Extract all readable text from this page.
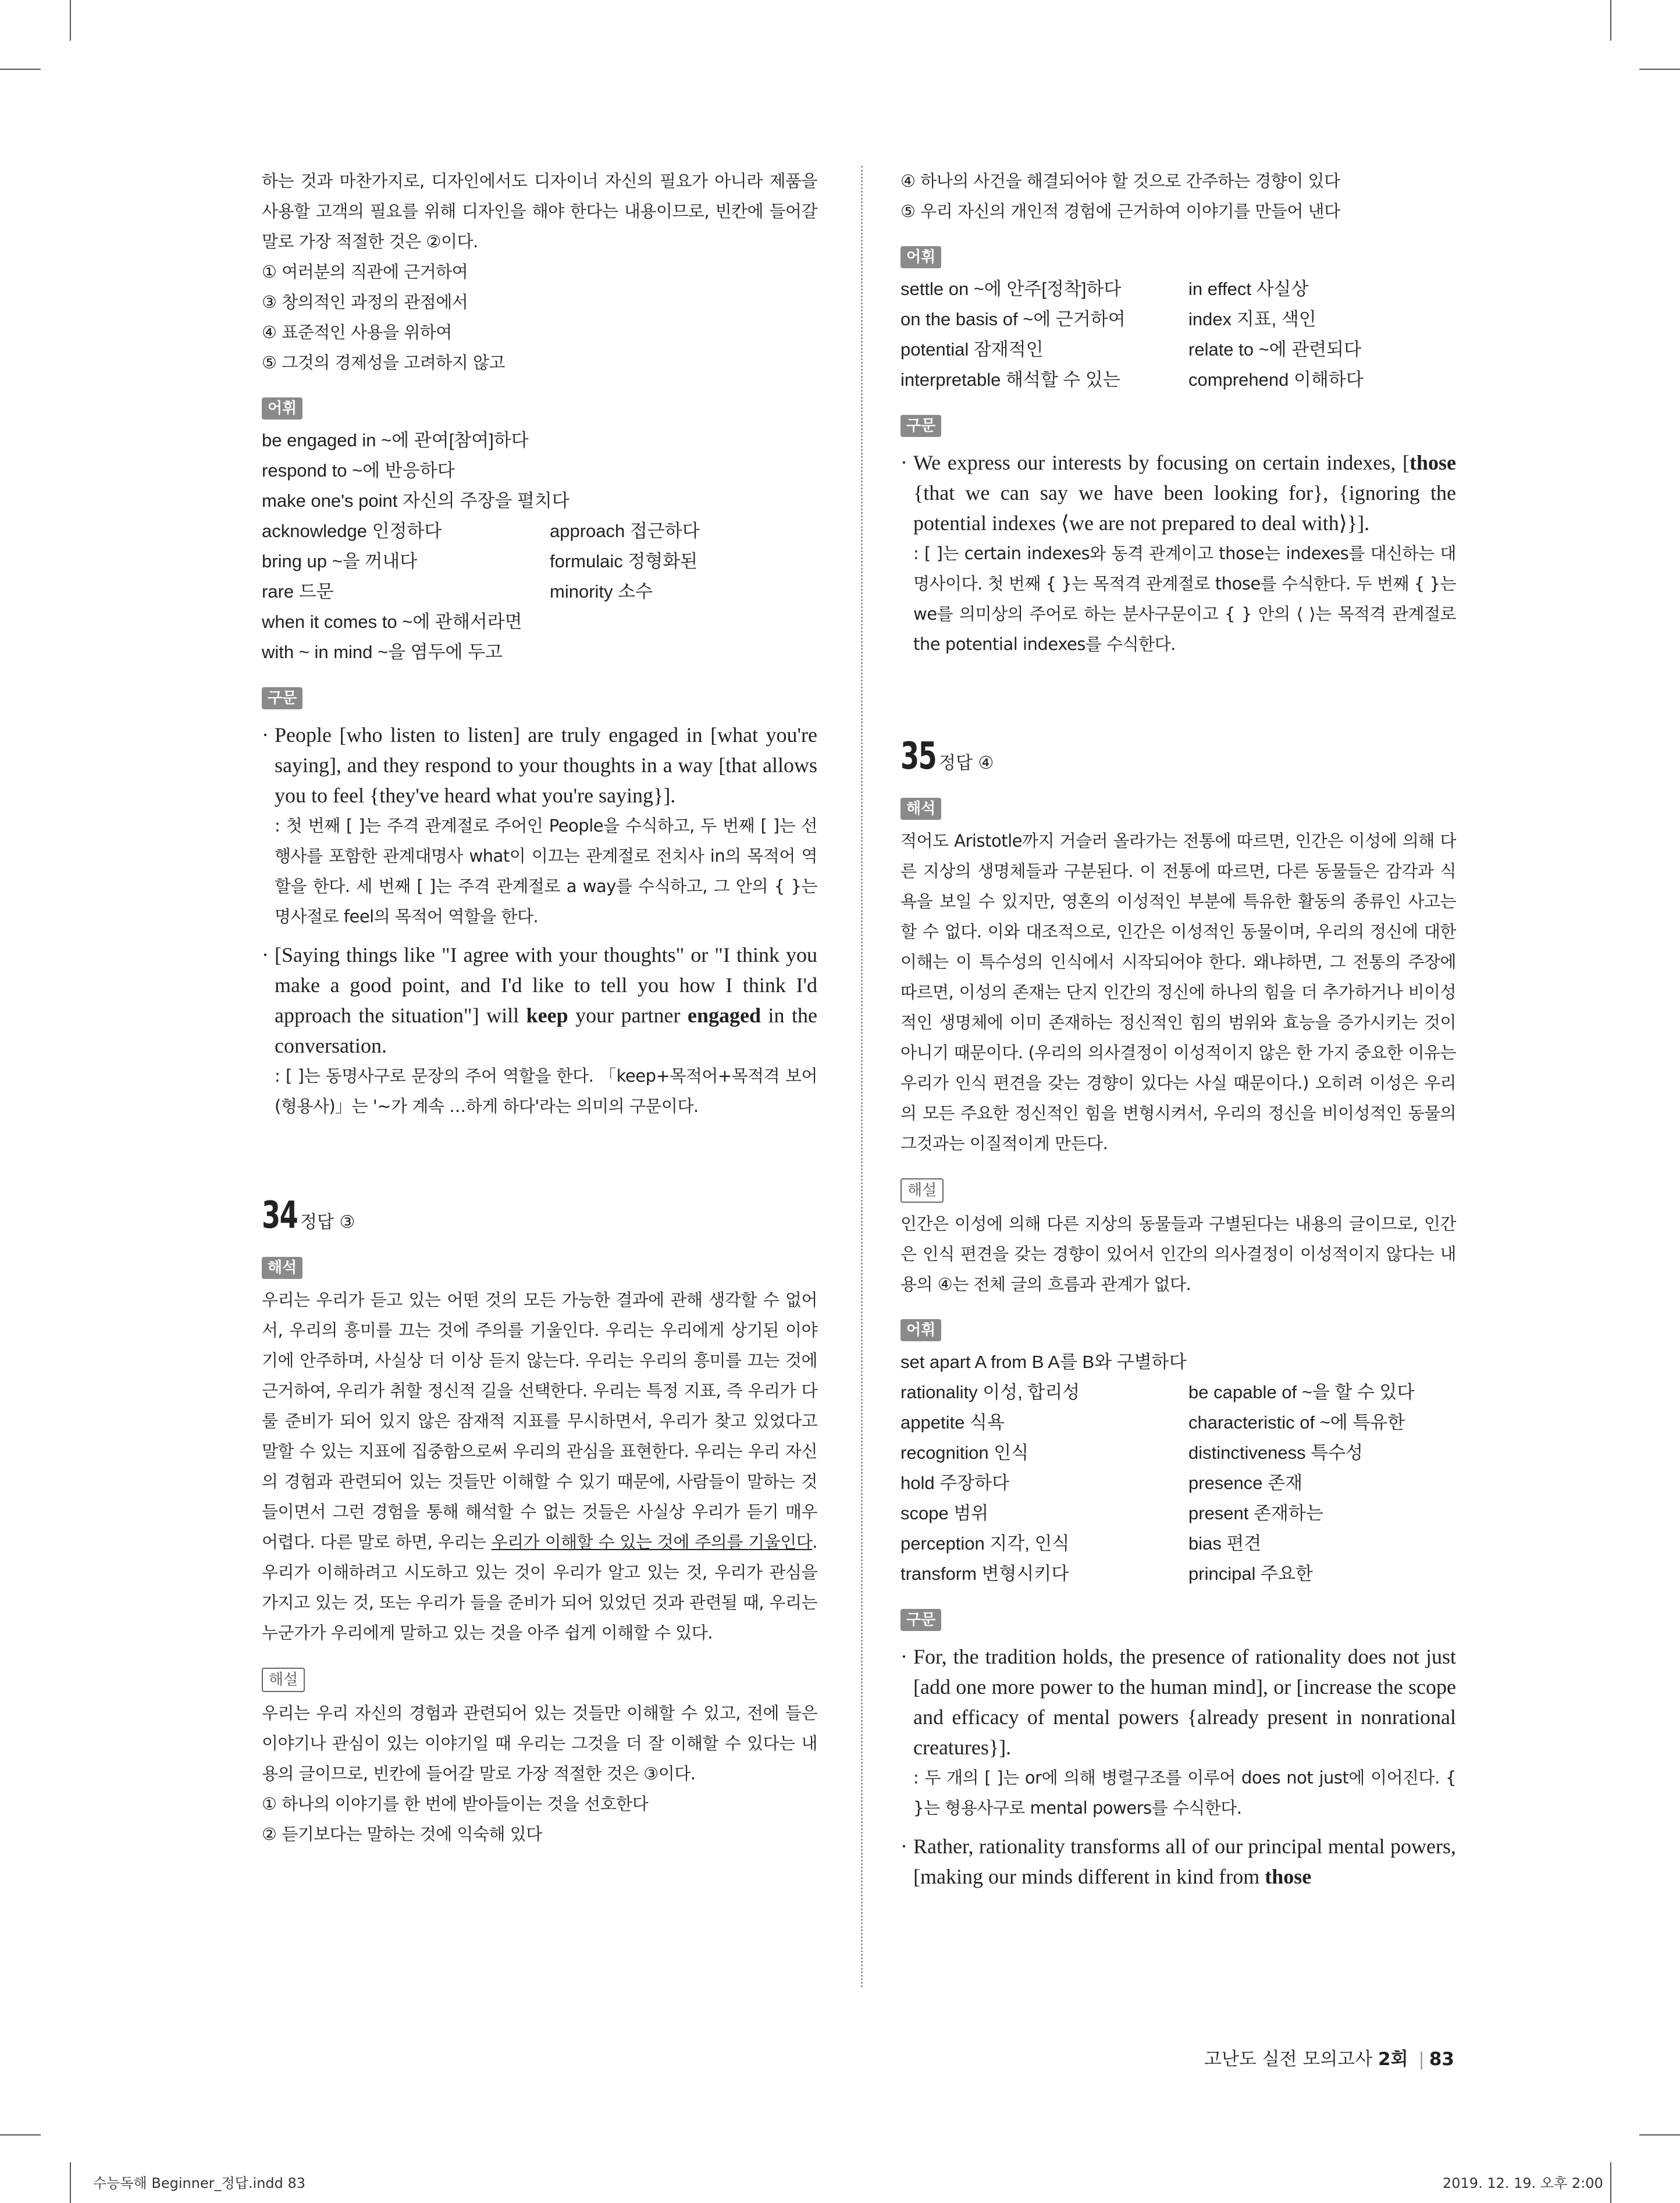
하는 것과 마찬가지로, 디자인에서도 디자이너 자신의 필요가 아니라 제품을 사용할 고객의 필요를 위해 디자인을 해야 한다는 내용이므로, 빈칸에 들어갈 말로 가장 적절한 것은 ②이다.

① 여러분의 직관에 근거하여
③ 창의적인 과정의 관점에서
④ 표준적인 사용을 위하여
⑤ 그것의 경제성을 고려하지 않고
어휘
be engaged in ~에 관여[참여]하다
respond to ~에 반응하다
make one's point 자신의 주장을 펼치다
acknowledge 인정하다	approach 접근하다
bring up ~을 꺼내다	formulaic 정형화된
rare 드문	minority 소수
when it comes to ~에 관해서라면
with ~ in mind ~을 염두에 두고
구문
· People [who listen to listen] are truly engaged in [what you're saying], and they respond to your thoughts in a way [that allows you to feel {they've heard what you're saying}].
: 첫 번째 [ ]는 주격 관계절로 주어인 People을 수식하고, 두 번째 [ ]는 선행사를 포함한 관계대명사 what이 이끄는 관계절로 전치사 in의 목적어 역할을 한다. 세 번째 [ ]는 주격 관계절로 a way를 수식하고, 그 안의 { }는 명사절로 feel의 목적어 역할을 한다.
· [Saying things like "I agree with your thoughts" or "I think you make a good point, and I'd like to tell you how I think I'd approach the situation"] will keep your partner engaged in the conversation.
: [ ]는 동명사구로 문장의 주어 역할을 한다. 「keep+목적어+목적격 보어(형용사)」는 '~가 계속 …하게 하다'라는 의미의 구문이다.
34 정답 ③
해석

우리는 우리가 듣고 있는 어떤 것의 모든 가능한 결과에 관해 생각할 수 없어서, 우리의 흥미를 끄는 것에 주의를 기울인다. 우리는 우리에게 상기된 이야기에 안주하며, 사실상 더 이상 듣지 않는다. 우리는 우리의 흥미를 끄는 것에 근거하여, 우리가 취할 정신적 길을 선택한다. 우리는 특정 지표, 즉 우리가 다룰 준비가 되어 있지 않은 잠재적 지표를 무시하면서, 우리가 찾고 있었다고 말할 수 있는 지표에 집중함으로써 우리의 관심을 표현한다. 우리는 우리 자신의 경험과 관련되어 있는 것들만 이해할 수 있기 때문에, 사람들이 말하는 것들이면서 그런 경험을 통해 해석할 수 없는 것들은 사실상 우리가 듣기 매우 어렵다. 다른 말로 하면, 우리는 우리가 이해할 수 있는 것에 주의를 기울인다. 우리가 이해하려고 시도하고 있는 것이 우리가 알고 있는 것, 우리가 관심을 가지고 있는 것, 또는 우리가 들을 준비가 되어 있었던 것과 관련될 때, 우리는 누군가가 우리에게 말하고 있는 것을 아주 쉽게 이해할 수 있다.

해설

우리는 우리 자신의 경험과 관련되어 있는 것들만 이해할 수 있고, 전에 들은 이야기나 관심이 있는 이야기일 때 우리는 그것을 더 잘 이해할 수 있다는 내용의 글이므로, 빈칸에 들어갈 말로 가장 적절한 것은 ③이다.

① 하나의 이야기를 한 번에 받아들이는 것을 선호한다
② 듣기보다는 말하는 것에 익숙해 있다
④ 하나의 사건을 해결되어야 할 것으로 간주하는 경향이 있다
⑤ 우리 자신의 개인적 경험에 근거하여 이야기를 만들어 낸다
어휘
settle on ~에 안주[정착]하다	in effect 사실상
on the basis of ~에 근거하여	index 지표, 색인
potential 잠재적인	relate to ~에 관련되다
interpretable 해석할 수 있는	comprehend 이해하다
구문
· We express our interests by focusing on certain indexes, [those {that we can say we have been looking for}, {ignoring the potential indexes ⟨we are not prepared to deal with⟩}].
: [ ]는 certain indexes와 동격 관계이고 those는 indexes를 대신하는 대명사이다. 첫 번째 { }는 목적격 관계절로 those를 수식한다. 두 번째 { }는 we를 의미상의 주어로 하는 분사구문이고 { } 안의 ⟨ ⟩는 목적격 관계절로 the potential indexes를 수식한다.
35 정답 ④
해석

적어도 Aristotle까지 거슬러 올라가는 전통에 따르면, 인간은 이성에 의해 다른 지상의 생명체들과 구분된다. 이 전통에 따르면, 다른 동물들은 감각과 식욕을 보일 수 있지만, 영혼의 이성적인 부분에 특유한 활동의 종류인 사고는 할 수 없다. 이와 대조적으로, 인간은 이성적인 동물이며, 우리의 정신에 대한 이해는 이 특수성의 인식에서 시작되어야 한다. 왜냐하면, 그 전통의 주장에 따르면, 이성의 존재는 단지 인간의 정신에 하나의 힘을 더 추가하거나 비이성적인 생명체에 이미 존재하는 정신적인 힘의 범위와 효능을 증가시키는 것이 아니기 때문이다. (우리의 의사결정이 이성적이지 않은 한 가지 중요한 이유는 우리가 인식 편견을 갖는 경향이 있다는 사실 때문이다.) 오히려 이성은 우리의 모든 주요한 정신적인 힘을 변형시켜서, 우리의 정신을 비이성적인 동물의 그것과는 이질적이게 만든다.

해설

인간은 이성에 의해 다른 지상의 동물들과 구별된다는 내용의 글이므로, 인간은 인식 편견을 갖는 경향이 있어서 인간의 의사결정이 이성적이지 않다는 내용의 ④는 전체 글의 흐름과 관계가 없다.

어휘
set apart A from B A를 B와 구별하다
rationality 이성, 합리성	be capable of ~을 할 수 있다
appetite 식욕	characteristic of ~에 특유한
recognition 인식	distinctiveness 특수성
hold 주장하다	presence 존재
scope 범위	present 존재하는
perception 지각, 인식	bias 편견
transform 변형시키다	principal 주요한
구문
· For, the tradition holds, the presence of rationality does not just [add one more power to the human mind], or [increase the scope and efficacy of mental powers {already present in nonrational creatures}].
: 두 개의 [ ]는 or에 의해 병렬구조를 이루어 does not just에 이어진다. { }는 형용사구로 mental powers를 수식한다.
· Rather, rationality transforms all of our principal mental powers, [making our minds different in kind from those
고난도 실전 모의고사 2회 | 83
수능독해 Beginner_정답.indd 83	2019. 12. 19. 오후 2:00
